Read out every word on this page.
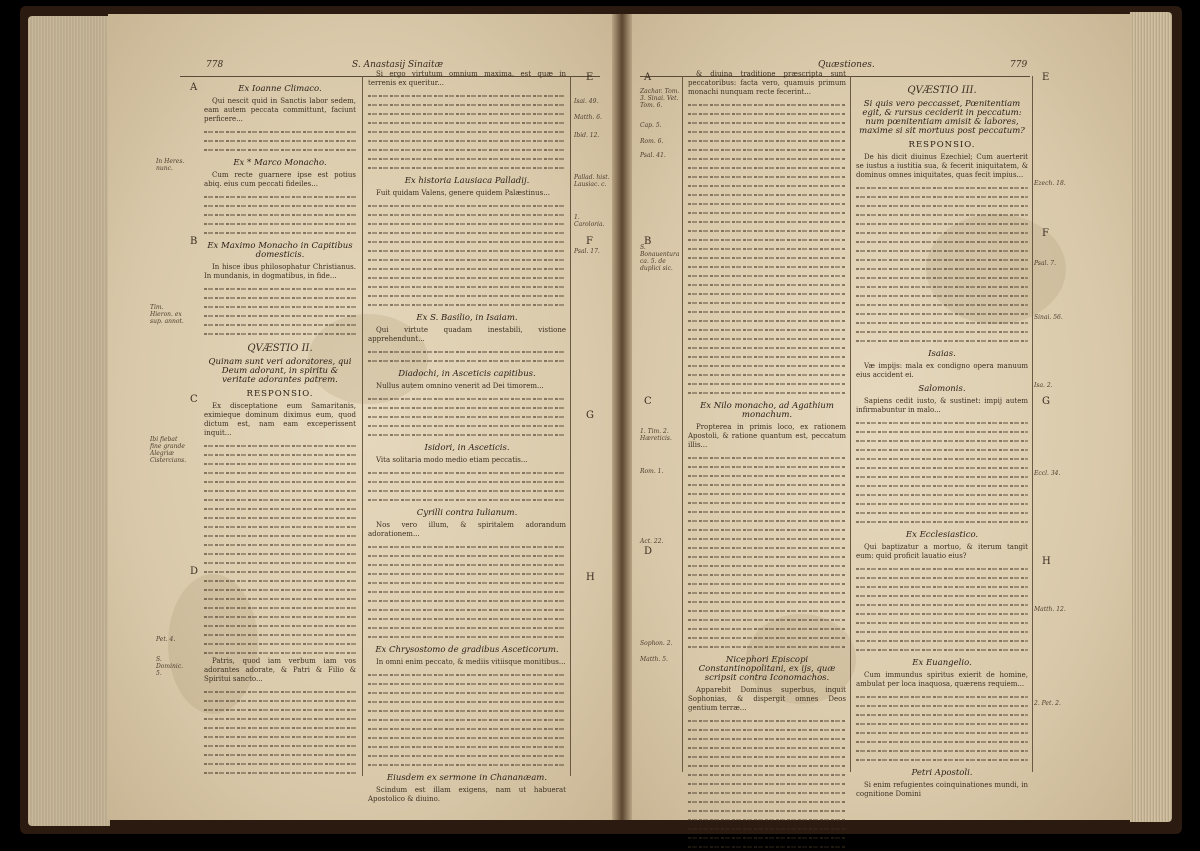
778	S. Anastasij Sinaitæ
A
B
C
D
E
F
G
H
In Heres. nunc.
Tim. Hieron. ex sup. annot.
Ibi fiebat fine grande Alegriæ Cistercians.
Pet. 4.
S. Dominic. 5.
Isai. 49.
Matth. 6.
Ibid. 12.
Pallad. hist. Lausiac. c.
1. Caroloria.
Psal. 17.
Ex Ioanne Climaco.

Qui nescit quid in Sanctis labor sedem, eam autem peccata committunt, faciunt perficere...

Ex * Marco Monacho.

Cum recte guarnere ipse est potius abiq. eius cum peccati fideiles...

Ex Maximo Monacho in Capitibus domesticis.

In hisce ibus philosophatur Christianus. In mundanis, in dogmatibus, in fide...

QVÆSTIO II.
Quinam sunt veri adoratores, qui Deum adorant, in spiritu & veritate adorantes patrem.
RESPONSIO.

Ex disceptatione eum Samaritanis, eximieque dominum diximus eum, quod dictum est, nam eam exceperissent inquit...

Patris, quod iam verbum iam vos adorantes adorate, & Patri & Filio & Spiritui sancto...

Si ergo virtutum omnium maxima, est quæ in terrenis ex queritur...

Ex historia Lausiaca Palladij.

Fuit quidam Valens, genere quidem Palæstinus...

Ex S. Basilio, in Isaiam.

Qui virtute quadam inestabili, vistione apprehendunt...

Diadochi, in Asceticis capitibus.

Nullus autem omnino venerit ad Dei timorem...

Isidori, in Asceticis.

Vita solitaria modo medio etiam peccatis...

Cyrilli contra Iulianum.

Nos vero illum, & spiritalem adorandum adorationem...

Ex Chrysostomo de gradibus Asceticorum.

In omni enim peccato, & mediis vitiisque monitibus...

Eiusdem ex sermone in Chananæam.

Scindum est illam exigens, nam ut habuerat Apostolico & diuino.

Quæstiones.	779
A
B
C
D
E
F
G
H
Zachar. Tom. 3. Sinai. Vet. Tom. 6.
Cap. 5.
Rom. 6.
Psal. 41.
S. Bonauentura ca. 5. de duplici sic.
1. Tim. 2. Hæreticis.
Rom. 1.
Act. 22.
Sophon. 2.
Matth. 5.
Ezech. 18.
Psal. 7.
Sinai. 56.
Isa. 2.
Eccl. 34.
Matth. 12.
2. Pet. 2.

& diuina traditione præscripta sunt peccatoribus: facta vero, quamuis primum monachi nunquam recte fecerint...

Ex Nilo monacho, ad Agathium monachum.

Propterea in primis loco, ex rationem Apostoli, & ratione quantum est, peccatum illis...

Nicephori Episcopi Constantinopolitani, ex ijs, quæ scripsit contra Iconomachos.

Apparebit Dominus superbus, inquit Sophonias, & dispergit omnes Deos gentium terræ...

QVÆSTIO III.
Si quis vero peccasset, Pœnitentiam egit, & rursus ceciderit in peccatum: num pœnitentiam amisit & labores, maxime si sit mortuus post peccatum?
RESPONSIO.

De his dicit diuinus Ezechiel; Cum auerterit se iustus a iustitia sua, & fecerit iniquitatem, & dominus omnes iniquitates, quas fecit impius...

Isaias.

Væ impijs: mala ex condigno opera manuum eius accident ei.

Salomonis.

Sapiens cedit iusto, & sustinet: impij autem infirmabuntur in malo...

Ex Ecclesiastico.

Qui baptizatur a mortuo, & iterum tangit eum: quid proficit lauatio eius?

Ex Euangelio.

Cum immundus spiritus exierit de homine, ambulat per loca inaquosa, quærens requiem...

Petri Apostoli.

Si enim refugientes coinquinationes mundi, in cognitione Domini
